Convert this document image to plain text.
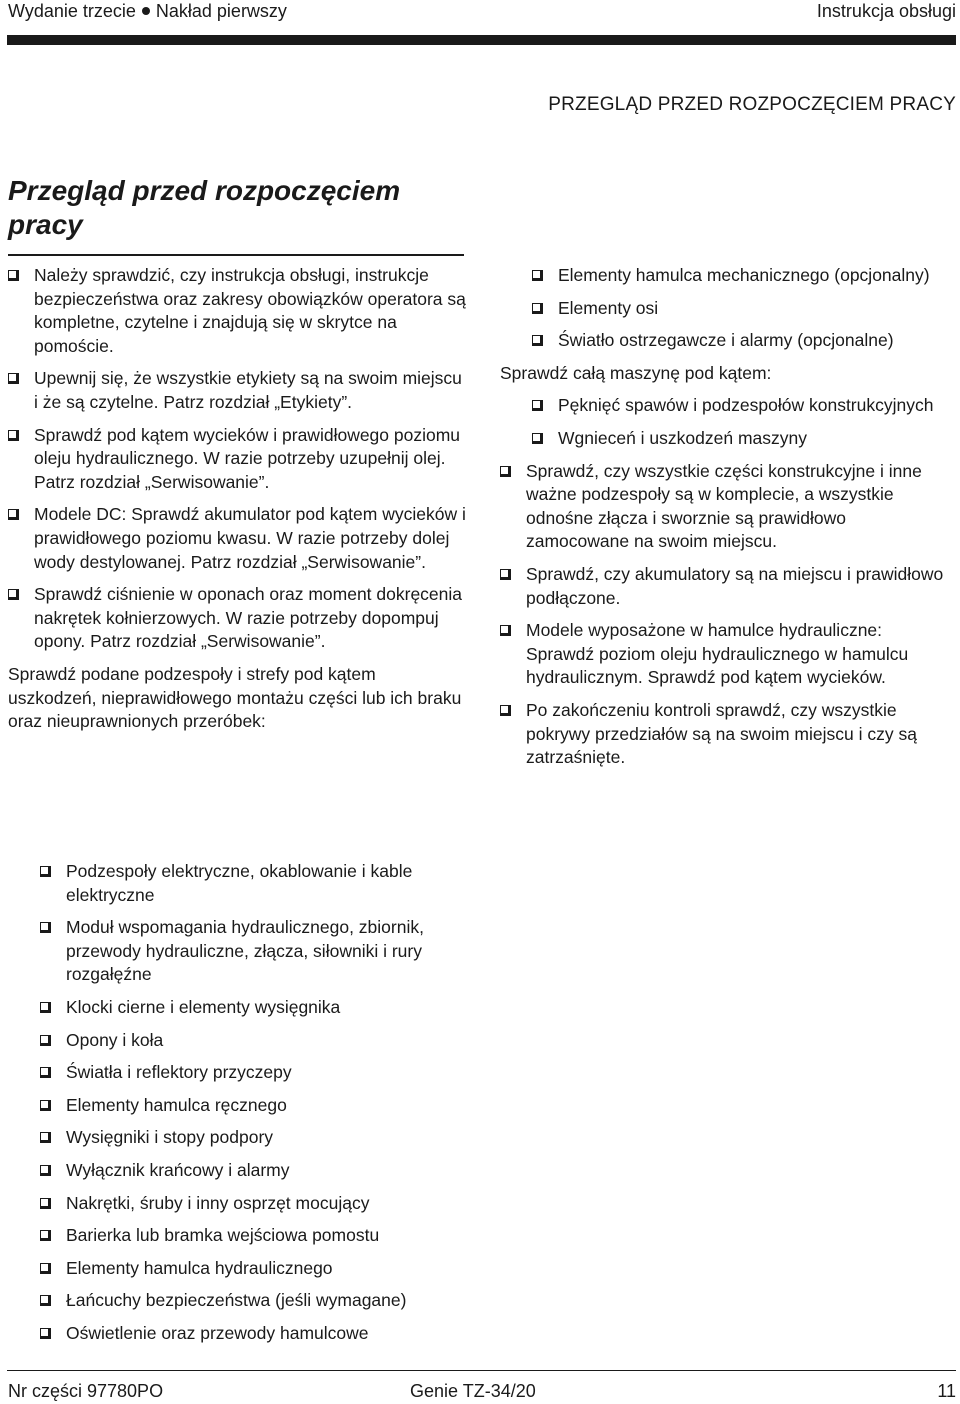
Wydanie trzecie Nakład pierwszy	Instrukcja obsługi
PRZEGLĄD PRZED ROZPOCZĘCIEM PRACY
Przegląd przed rozpoczęciem pracy
Należy sprawdzić, czy instrukcja obsługi, instrukcje bezpieczeństwa oraz zakresy obowiązków operatora są kompletne, czytelne i znajdują się w skrytce na pomoście.
Upewnij się, że wszystkie etykiety są na swoim miejscu i że są czytelne. Patrz rozdział „Etykiety”.
Sprawdź pod kątem wycieków i prawidłowego poziomu oleju hydraulicznego. W razie potrzeby uzupełnij olej. Patrz rozdział „Serwisowanie”.
Modele DC: Sprawdź akumulator pod kątem wycieków i prawidłowego poziomu kwasu. W razie potrzeby dolej wody destylowanej. Patrz rozdział „Serwisowanie”.
Sprawdź ciśnienie w oponach oraz moment dokręcenia nakrętek kołnierzowych. W razie potrzeby dopompuj opony. Patrz rozdział „Serwisowanie”.

Sprawdź podane podzespoły i strefy pod kątem uszkodzeń, nieprawidłowego montażu części lub ich braku oraz nieuprawnionych przeróbek:

Podzespoły elektryczne, okablowanie i kable elektryczne
Moduł wspomagania hydraulicznego, zbiornik, przewody hydrauliczne, złącza, siłowniki i rury rozgałęźne
Klocki cierne i elementy wysięgnika
Opony i koła
Światła i reflektory przyczepy
Elementy hamulca ręcznego
Wysięgniki i stopy podpory
Wyłącznik krańcowy i alarmy
Nakrętki, śruby i inny osprzęt mocujący
Barierka lub bramka wejściowa pomostu
Elementy hamulca hydraulicznego
Łańcuchy bezpieczeństwa (jeśli wymagane)
Oświetlenie oraz przewody hamulcowe
Elementy hamulca mechanicznego (opcjonalny)
Elementy osi
Światło ostrzegawcze i alarmy (opcjonalne)

Sprawdź całą maszynę pod kątem:

Pęknięć spawów i podzespołów konstrukcyjnych
Wgnieceń i uszkodzeń maszyny
Sprawdź, czy wszystkie części konstrukcyjne i inne ważne podzespoły są w komplecie, a wszystkie odnośne złącza i sworznie są prawidłowo zamocowane na swoim miejscu.
Sprawdź, czy akumulatory są na miejscu i prawidłowo podłączone.
Modele wyposażone w hamulce hydrauliczne: Sprawdź poziom oleju hydraulicznego w hamulcu hydraulicznym. Sprawdź pod kątem wycieków.
Po zakończeniu kontroli sprawdź, czy wszystkie pokrywy przedziałów są na swoim miejscu i czy są zatrzaśnięte.
Nr części 97780PO	Genie TZ-34/20	11
